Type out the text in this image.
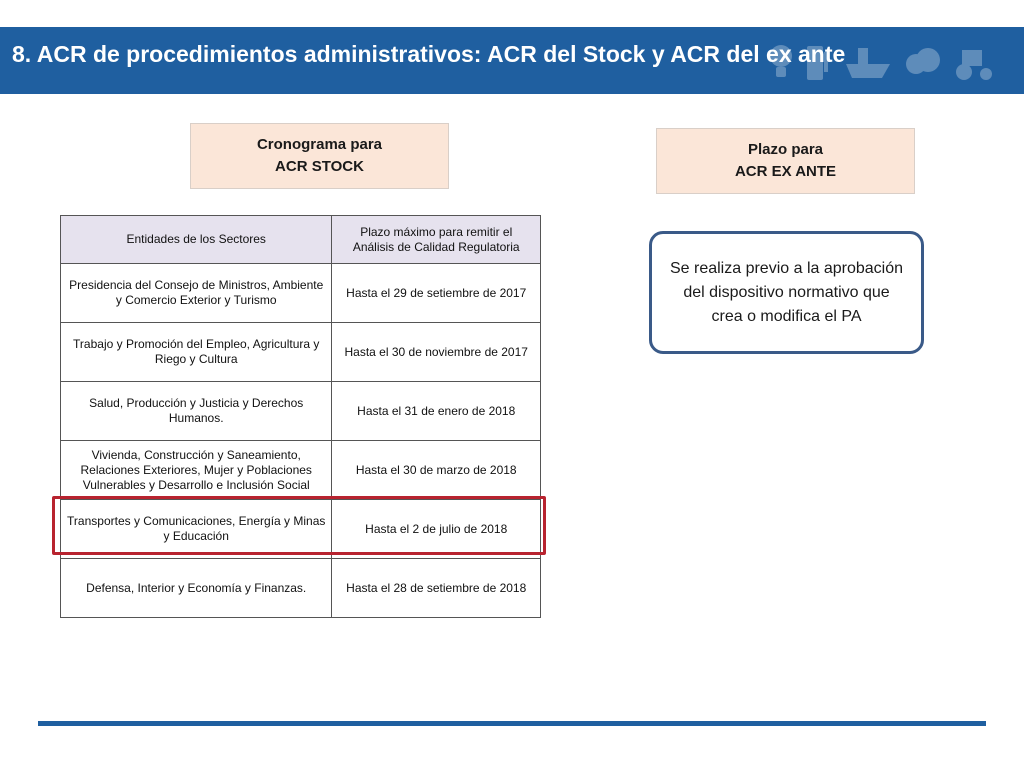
8. ACR de procedimientos administrativos: ACR del Stock y ACR del ex ante
Cronograma para
ACR STOCK
Plazo para
ACR EX ANTE
Entidades de los Sectores	Plazo máximo para remitir el Análisis de Calidad Regulatoria
Presidencia del Consejo de Ministros, Ambiente y Comercio Exterior y Turismo	Hasta el 29 de setiembre de 2017
Trabajo y Promoción del Empleo, Agricultura y Riego y Cultura	Hasta el 30 de noviembre de 2017
Salud, Producción y Justicia y Derechos Humanos.	Hasta el 31 de enero de 2018
Vivienda, Construcción y Saneamiento, Relaciones Exteriores, Mujer y Poblaciones Vulnerables y Desarrollo e Inclusión Social	Hasta el 30 de marzo de 2018
Transportes y Comunicaciones, Energía y Minas y Educación	Hasta el 2 de julio de 2018
Defensa, Interior y Economía y Finanzas.	Hasta el 28 de setiembre de 2018
Se realiza previo a la aprobación del dispositivo normativo que crea o modifica el PA
